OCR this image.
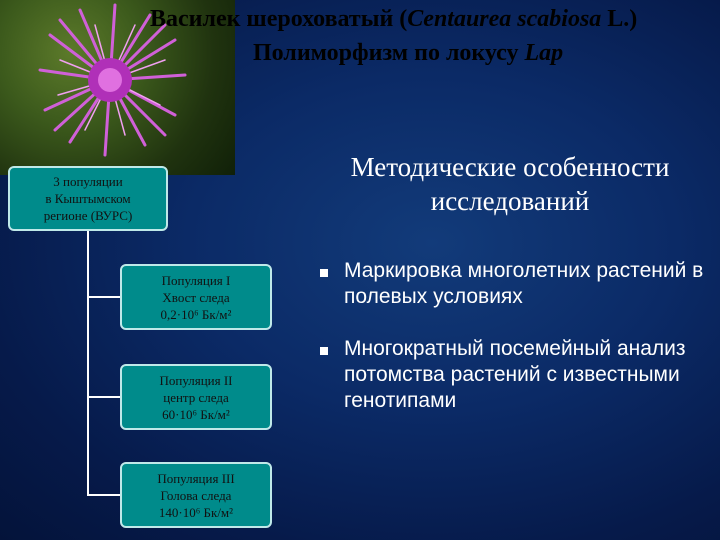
Василек шероховатый (Centaurea scabiosa L.)
Полиморфизм по локусу Lap
Методические особенности исследований
3 популяции
в Кыштымском
регионе (ВУРС)
Популяция I
Хвост следа
0,2·10⁶ Бк/м²
Популяция II
центр следа
60·10⁶ Бк/м²
Популяция III
Голова следа
140·10⁶ Бк/м²
Маркировка многолетних растений в полевых условиях
Многократный посемейный анализ потомства растений с известными генотипами
